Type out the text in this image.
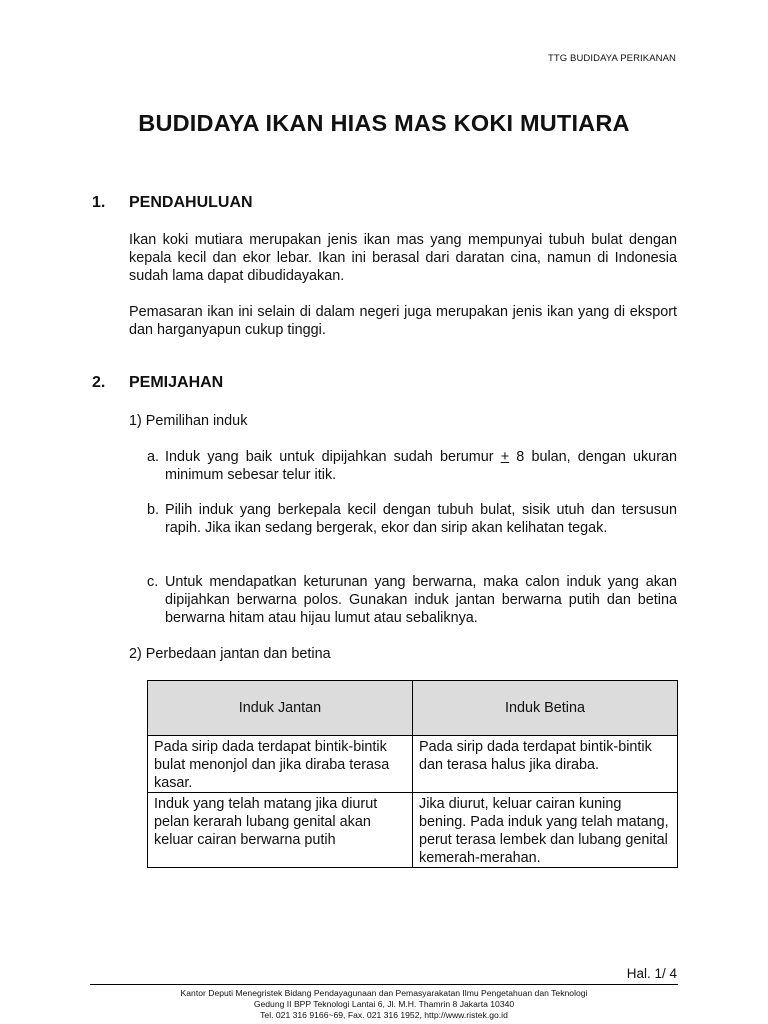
TTG BUDIDAYA PERIKANAN
BUDIDAYA IKAN HIAS MAS KOKI MUTIARA
1. PENDAHULUAN
Ikan koki mutiara merupakan jenis ikan mas yang mempunyai tubuh bulat dengan kepala kecil dan ekor lebar. Ikan ini berasal dari daratan cina, namun di Indonesia sudah lama dapat dibudidayakan.
Pemasaran ikan ini selain di dalam negeri juga merupakan jenis ikan yang di eksport dan harganyapun cukup tinggi.
2. PEMIJAHAN
1) Pemilihan induk
a. Induk yang baik untuk dipijahkan sudah berumur + 8 bulan, dengan ukuran minimum sebesar telur itik.
b. Pilih induk yang berkepala kecil dengan tubuh bulat, sisik utuh dan tersusun rapih. Jika ikan sedang bergerak, ekor dan sirip akan kelihatan tegak.
c. Untuk mendapatkan keturunan yang berwarna, maka calon induk yang akan dipijahkan berwarna polos. Gunakan induk jantan berwarna putih dan betina berwarna hitam atau hijau lumut atau sebaliknya.
2) Perbedaan jantan dan betina
Induk Jantan	Induk Betina
Pada sirip dada terdapat bintik-bintik bulat menonjol dan jika diraba terasa kasar.	Pada sirip dada terdapat bintik-bintik dan terasa halus jika diraba.
Induk yang telah matang jika diurut pelan kerarah lubang genital akan keluar cairan berwarna putih	Jika diurut, keluar cairan kuning bening. Pada induk yang telah matang, perut terasa lembek dan lubang genital kemerah-merahan.
Hal. 1/ 4
Kantor Deputi Menegristek Bidang Pendayagunaan dan Pemasyarakatan Ilmu Pengetahuan dan Teknologi
Gedung II BPP Teknologi Lantai 6, Jl. M.H. Thamrin 8 Jakarta 10340
Tel. 021 316 9166~69, Fax. 021 316 1952, http://www.ristek.go.id
